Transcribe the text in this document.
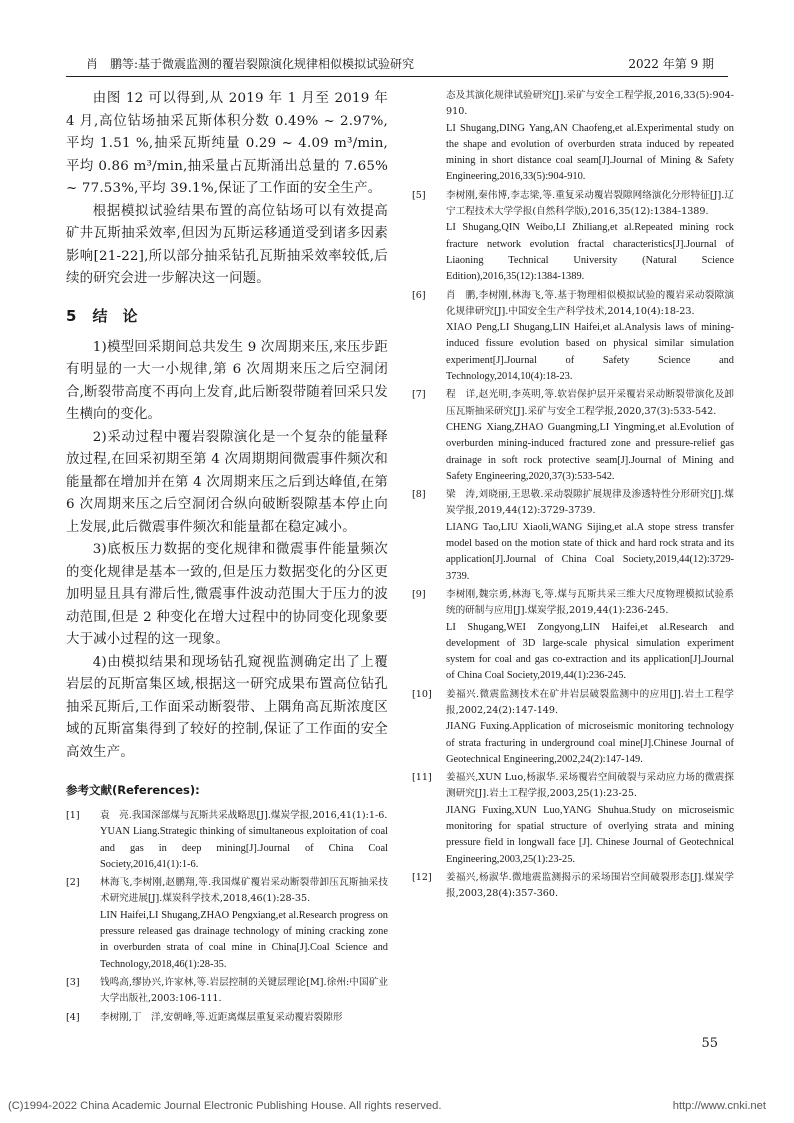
肖　鹏等:基于微震监测的覆岩裂隙演化规律相似模拟试验研究	2022 年第 9 期

由图 12 可以得到,从 2019 年 1 月至 2019 年 4 月,高位钻场抽采瓦斯体积分数 0.49% ~ 2.97%,平均 1.51 %,抽采瓦斯纯量 0.29 ~ 4.09 m³/min,平均 0.86 m³/min,抽采量占瓦斯涌出总量的 7.65% ~ 77.53%,平均 39.1%,保证了工作面的安全生产。

根据模拟试验结果布置的高位钻场可以有效提高矿井瓦斯抽采效率,但因为瓦斯运移通道受到诸多因素影响[21-22],所以部分抽采钻孔瓦斯抽采效率较低,后续的研究会进一步解决这一问题。

5 结　论

1)模型回采期间总共发生 9 次周期来压,来压步距有明显的一大一小规律,第 6 次周期来压之后空洞闭合,断裂带高度不再向上发育,此后断裂带随着回采只发生横向的变化。

2)采动过程中覆岩裂隙演化是一个复杂的能量释放过程,在回采初期至第 4 次周期期间微震事件频次和能量都在增加并在第 4 次周期来压之后到达峰值,在第 6 次周期来压之后空洞闭合纵向破断裂隙基本停止向上发展,此后微震事件频次和能量都在稳定减小。

3)底板压力数据的变化规律和微震事件能量频次的变化规律是基本一致的,但是压力数据变化的分区更加明显且具有滞后性,微震事件波动范围大于压力的波动范围,但是 2 种变化在增大过程中的协同变化现象要大于减小过程的这一现象。

4)由模拟结果和现场钻孔窥视监测确定出了上覆岩层的瓦斯富集区域,根据这一研究成果布置高位钻孔抽采瓦斯后,工作面采动断裂带、上隅角高瓦斯浓度区域的瓦斯富集得到了较好的控制,保证了工作面的安全高效生产。

参考文献(References):
[1]	袁　亮.我国深部煤与瓦斯共采战略思[J].煤炭学报,2016,41(1):1-6.
YUAN Liang.Strategic thinking of simultaneous exploitation of coal and gas in deep mining[J].Journal of China Coal Society,2016,41(1):1-6.
[2]	林海飞,李树刚,赵鹏翔,等.我国煤矿覆岩采动断裂带卸压瓦斯抽采技术研究进展[J].煤炭科学技术,2018,46(1):28-35.
LIN Haifei,LI Shugang,ZHAO Pengxiang,et al.Research progress on pressure released gas drainage technology of mining cracking zone in overburden strata of coal mine in China[J].Coal Science and Technology,2018,46(1):28-35.
[3]	钱鸣高,缪协兴,许家林,等.岩层控制的关键层理论[M].徐州:中国矿业大学出版社,2003:106-111.
[4]	李树刚,丁　洋,安朝峰,等.近距离煤层重复采动覆岩裂隙形
态及其演化规律试验研究[J].采矿与安全工程学报,2016,33(5):904-910.
LI Shugang,DING Yang,AN Chaofeng,et al.Experimental study on the shape and evolution of overburden strata induced by repeated mining in short distance coal seam[J].Journal of Mining & Safety Engineering,2016,33(5):904-910.
[5]	李树刚,秦伟博,李志梁,等.重复采动覆岩裂隙网络演化分形特征[J].辽宁工程技术大学学报(自然科学版),2016,35(12):1384-1389.
LI Shugang,QIN Weibo,LI Zhiliang,et al.Repeated mining rock fracture network evolution fractal characteristics[J].Journal of Liaoning Technical University (Natural Science Edition),2016,35(12):1384-1389.
[6]	肖　鹏,李树刚,林海飞,等.基于物理相似模拟试验的覆岩采动裂隙演化规律研究[J].中国安全生产科学技术,2014,10(4):18-23.
XIAO Peng,LI Shugang,LIN Haifei,et al.Analysis laws of mining-induced fissure evolution based on physical similar simulation experiment[J].Journal of Safety Science and Technology,2014,10(4):18-23.
[7]	程　详,赵光明,李英明,等.软岩保护层开采覆岩采动断裂带演化及卸压瓦斯抽采研究[J].采矿与安全工程学报,2020,37(3):533-542.
CHENG Xiang,ZHAO Guangming,LI Yingming,et al.Evolution of overburden mining-induced fractured zone and pressure-relief gas drainage in soft rock protective seam[J].Journal of Mining and Safety Engineering,2020,37(3):533-542.
[8]	梁　涛,刘晓丽,王思敬.采动裂隙扩展规律及渗透特性分形研究[J].煤炭学报,2019,44(12):3729-3739.
LIANG Tao,LIU Xiaoli,WANG Sijing,et al.A stope stress transfer model based on the motion state of thick and hard rock strata and its application[J].Journal of China Coal Society,2019,44(12):3729-3739.
[9]	李树刚,魏宗勇,林海飞,等.煤与瓦斯共采三维大尺度物理模拟试验系统的研制与应用[J].煤炭学报,2019,44(1):236-245.
LI Shugang,WEI Zongyong,LIN Haifei,et al.Research and development of 3D large-scale physical simulation experiment system for coal and gas co-extraction and its application[J].Journal of China Coal Society,2019,44(1):236-245.
[10]	姜福兴.微震监测技术在矿井岩层破裂监测中的应用[J].岩土工程学报,2002,24(2):147-149.
JIANG Fuxing.Application of microseismic monitoring technology of strata fracturing in underground coal mine[J].Chinese Journal of Geotechnical Engineering,2002,24(2):147-149.
[11]	姜福兴,XUN Luo,杨淑华.采场覆岩空间破裂与采动应力场的微震探测研究[J].岩土工程学报,2003,25(1):23-25.
JIANG Fuxing,XUN Luo,YANG Shuhua.Study on microseismic monitoring for spatial structure of overlying strata and mining pressure field in longwall face [J]. Chinese Journal of Geotechnical Engineering,2003,25(1):23-25.
[12]	姜福兴,杨淑华.微地震监测揭示的采场围岩空间破裂形态[J].煤炭学报,2003,28(4):357-360.
55
(C)1994-2022 China Academic Journal Electronic Publishing House. All rights reserved.	http://www.cnki.net
